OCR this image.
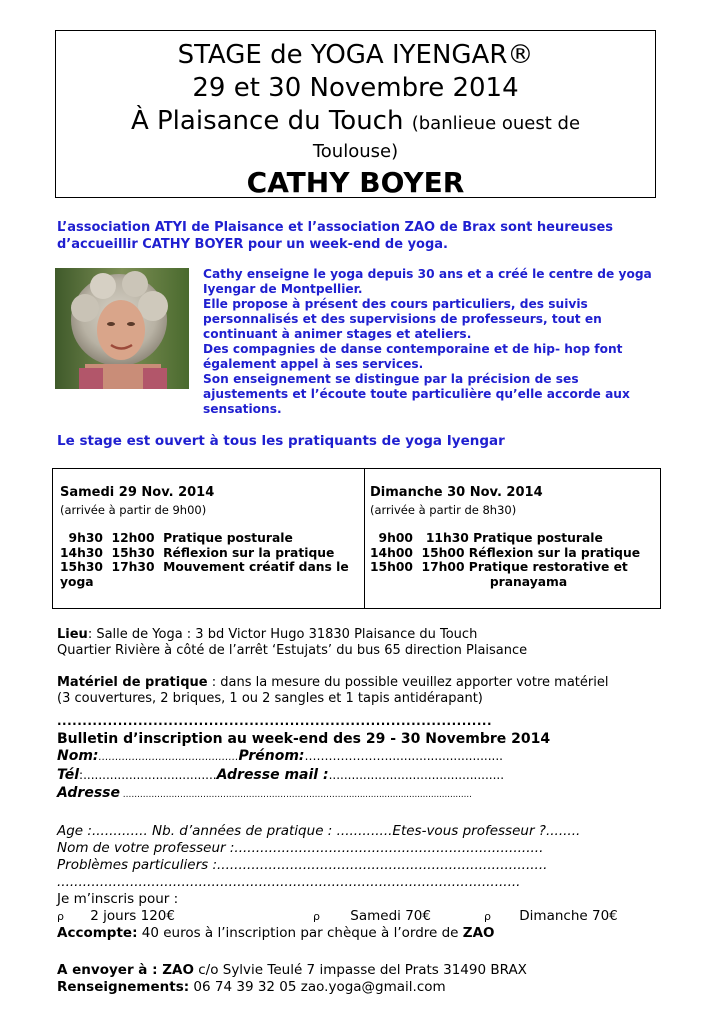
STAGE de YOGA IYENGAR®
29 et 30 Novembre 2014
À Plaisance du Touch (banlieue ouest de
Toulouse)
CATHY BOYER
L’association ATYI de Plaisance et l’association ZAO de Brax sont heureuses
d’accueillir CATHY BOYER pour un week-end de yoga.
Cathy enseigne le yoga depuis 30 ans et a créé le centre de yoga
Iyengar de Montpellier.
Elle propose à présent des cours particuliers, des suivis
personnalisés et des supervisions de professeurs, tout en
continuant à animer stages et ateliers.
Des compagnies de danse contemporaine et de hip- hop font
également appel à ses services.
Son enseignement se distingue par la précision de ses
ajustements et l’écoute toute particulière qu’elle accorde aux
sensations.
Le stage est ouvert à tous les pratiquants de yoga Iyengar
Samedi 29 Nov. 2014
(arrivée à partir de 9h00)
9h30  12h00  Pratique posturale
14h30  15h30  Réflexion sur la pratique
15h30  17h30  Mouvement créatif dans le
yoga
Dimanche 30 Nov. 2014
(arrivée à partir de 8h30)
9h00   11h30 Pratique posturale
14h00  15h00 Réflexion sur la pratique
15h00  17h00 Pratique restorative et
pranayama
Lieu: Salle de Yoga : 3 bd Victor Hugo 31830 Plaisance du Touch
Quartier Rivière à côté de l’arrêt ‘Estujats’ du bus 65 direction Plaisance
Matériel de pratique : dans la mesure du possible veuillez apporter votre matériel
(3 couvertures, 2 briques, 1 ou 2 sangles et 1 tapis antidérapant)
......................................................................................
Bulletin d’inscription au week-end des 29 - 30 Novembre 2014
Nom:……………………………………Prénom:…………………..............................
Tél:...................................Adresse mail :..............................................
Adresse ……………………………………………………………………..............................................
Age :............. Nb. d’années de pratique : .............Etes-vous professeur ?........
Nom de votre professeur :........................................................................
Problèmes particuliers :.............................................................................
............................................................................................................
Je m’inscris pour :
ρ 2 jours 120€	ρ Samedi 70€	ρ Dimanche 70€
Accompte: 40 euros à l’inscription par chèque à l’ordre de ZAO
A envoyer à : ZAO c/o Sylvie Teulé 7 impasse del Prats 31490 BRAX
Renseignements: 06 74 39 32 05 zao.yoga@gmail.com
